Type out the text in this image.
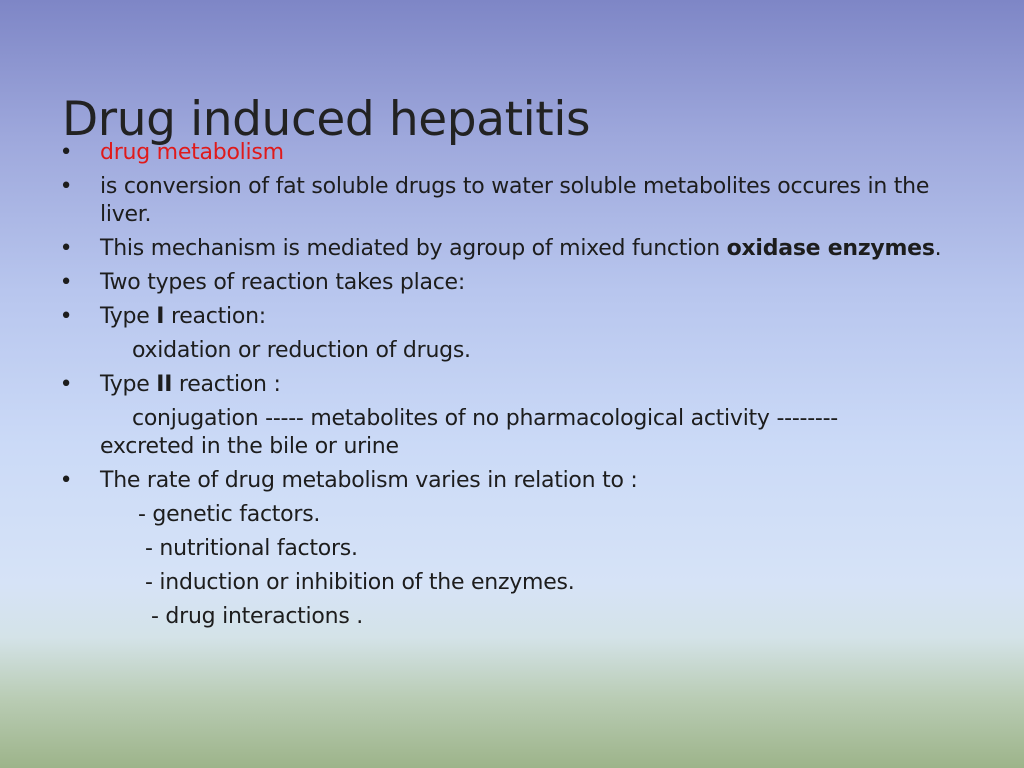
Drug induced hepatitis
• drug metabolism
• is conversion of fat soluble drugs to water soluble metabolites occures in the liver.
• This mechanism is mediated by agroup of mixed function oxidase enzymes.
• Two types of reaction takes place:
• Type I reaction:
oxidation or reduction of drugs.
• Type II reaction :
conjugation ----- metabolites of no pharmacological activity --------
excreted in the bile or urine
• The rate of drug metabolism varies in relation to :
- genetic factors.
- nutritional factors.
- induction or inhibition of the enzymes.
- drug interactions .
